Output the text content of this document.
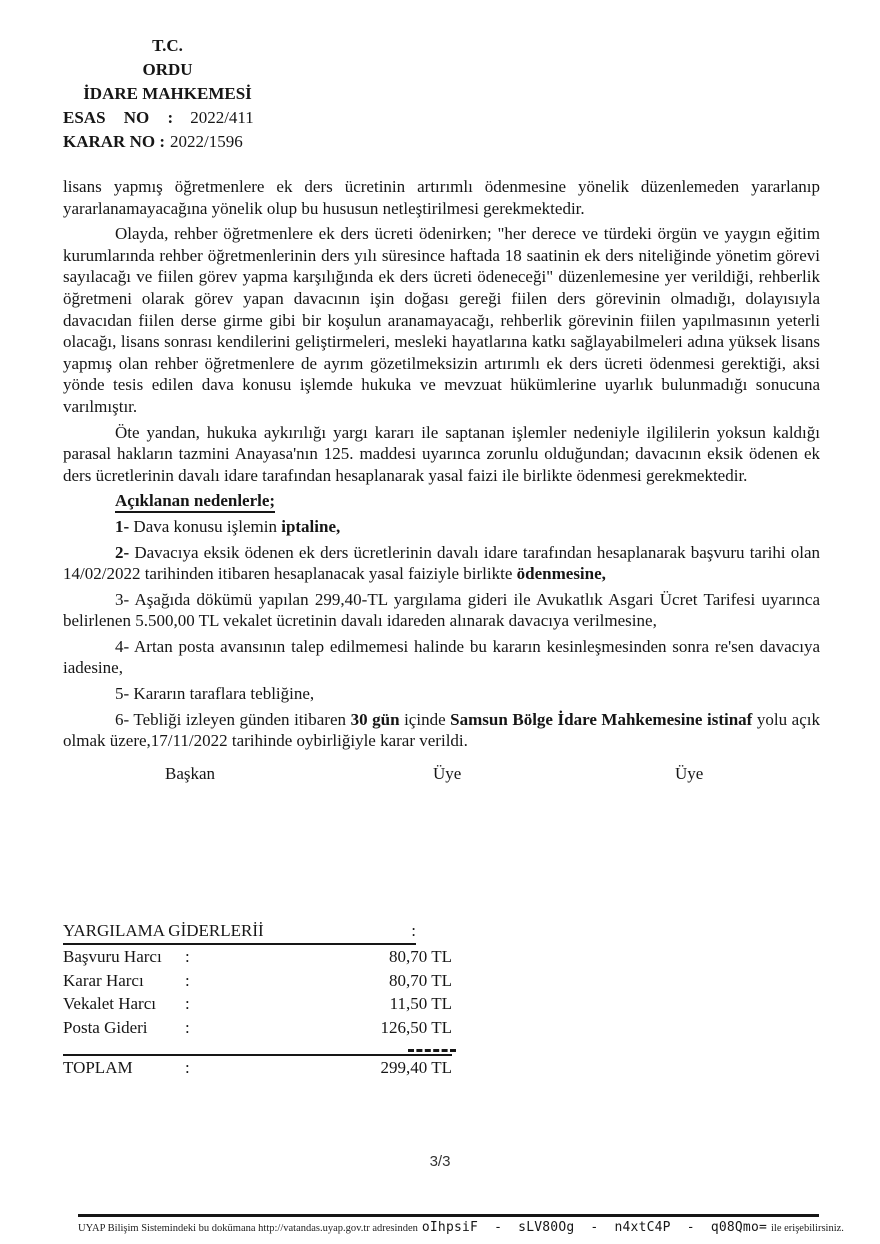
T.C.
ORDU
İDARE MAHKEMESİ
ESAS NO : 2022/411
KARAR NO : 2022/1596

lisans yapmış öğretmenlere ek ders ücretinin artırımlı ödenmesine yönelik düzenlemeden yararlanıp yararlanamayacağına yönelik olup bu hususun netleştirilmesi gerekmektedir.

Olayda, rehber öğretmenlere ek ders ücreti ödenirken; "her derece ve türdeki örgün ve yaygın eğitim kurumlarında rehber öğretmenlerinin ders yılı süresince haftada 18 saatinin ek ders niteliğinde yönetim görevi sayılacağı ve fiilen görev yapma karşılığında ek ders ücreti ödeneceği" düzenlemesine yer verildiği, rehberlik öğretmeni olarak görev yapan davacının işin doğası gereği fiilen ders görevinin olmadığı, dolayısıyla davacıdan fiilen derse girme gibi bir koşulun aranamayacağı, rehberlik görevinin fiilen yapılmasının yeterli olacağı, lisans sonrası kendilerini geliştirmeleri, mesleki hayatlarına katkı sağlayabilmeleri adına yüksek lisans yapmış olan rehber öğretmenlere de ayrım gözetilmeksizin artırımlı ek ders ücreti ödenmesi gerektiği, aksi yönde tesis edilen dava konusu işlemde hukuka ve mevzuat hükümlerine uyarlık bulunmadığı sonucuna varılmıştır.

Öte yandan, hukuka aykırılığı yargı kararı ile saptanan işlemler nedeniyle ilgililerin yoksun kaldığı parasal hakların tazmini Anayasa'nın 125. maddesi uyarınca zorunlu olduğundan; davacının eksik ödenen ek ders ücretlerinin davalı idare tarafından hesaplanarak yasal faizi ile birlikte ödenmesi gerekmektedir.

Açıklanan nedenlerle;

1- Dava konusu işlemin iptaline,

2- Davacıya eksik ödenen ek ders ücretlerinin davalı idare tarafından hesaplanarak başvuru tarihi olan 14/02/2022 tarihinden itibaren hesaplanacak yasal faiziyle birlikte ödenmesine,

3- Aşağıda dökümü yapılan 299,40-TL yargılama gideri ile Avukatlık Asgari Ücret Tarifesi uyarınca belirlenen 5.500,00 TL vekalet ücretinin davalı idareden alınarak davacıya verilmesine,

4- Artan posta avansının talep edilmemesi halinde bu kararın kesinleşmesinden sonra re'sen davacıya iadesine,

5- Kararın taraflara tebliğine,

6- Tebliği izleyen günden itibaren 30 gün içinde Samsun Bölge İdare Mahkemesine istinaf yolu açık olmak üzere,17/11/2022 tarihinde oybirliğiyle karar verildi.

Başkan	Üye	Üye
YARGILAMA GİDERLERİİ	:
Başvuru Harcı	:	80,70 TL
Karar Harcı	:	80,70 TL
Vekalet Harcı	:	11,50 TL
Posta Gideri	:	126,50 TL
TOPLAM	:	299,40 TL
3/3
UYAP Bilişim Sistemindeki bu dokümana http://vatandas.uyap.gov.tr adresinden oIhpsiF  -  sLV80Og  -  n4xtC4P  -  q08Qmo= ile erişebilirsiniz.
